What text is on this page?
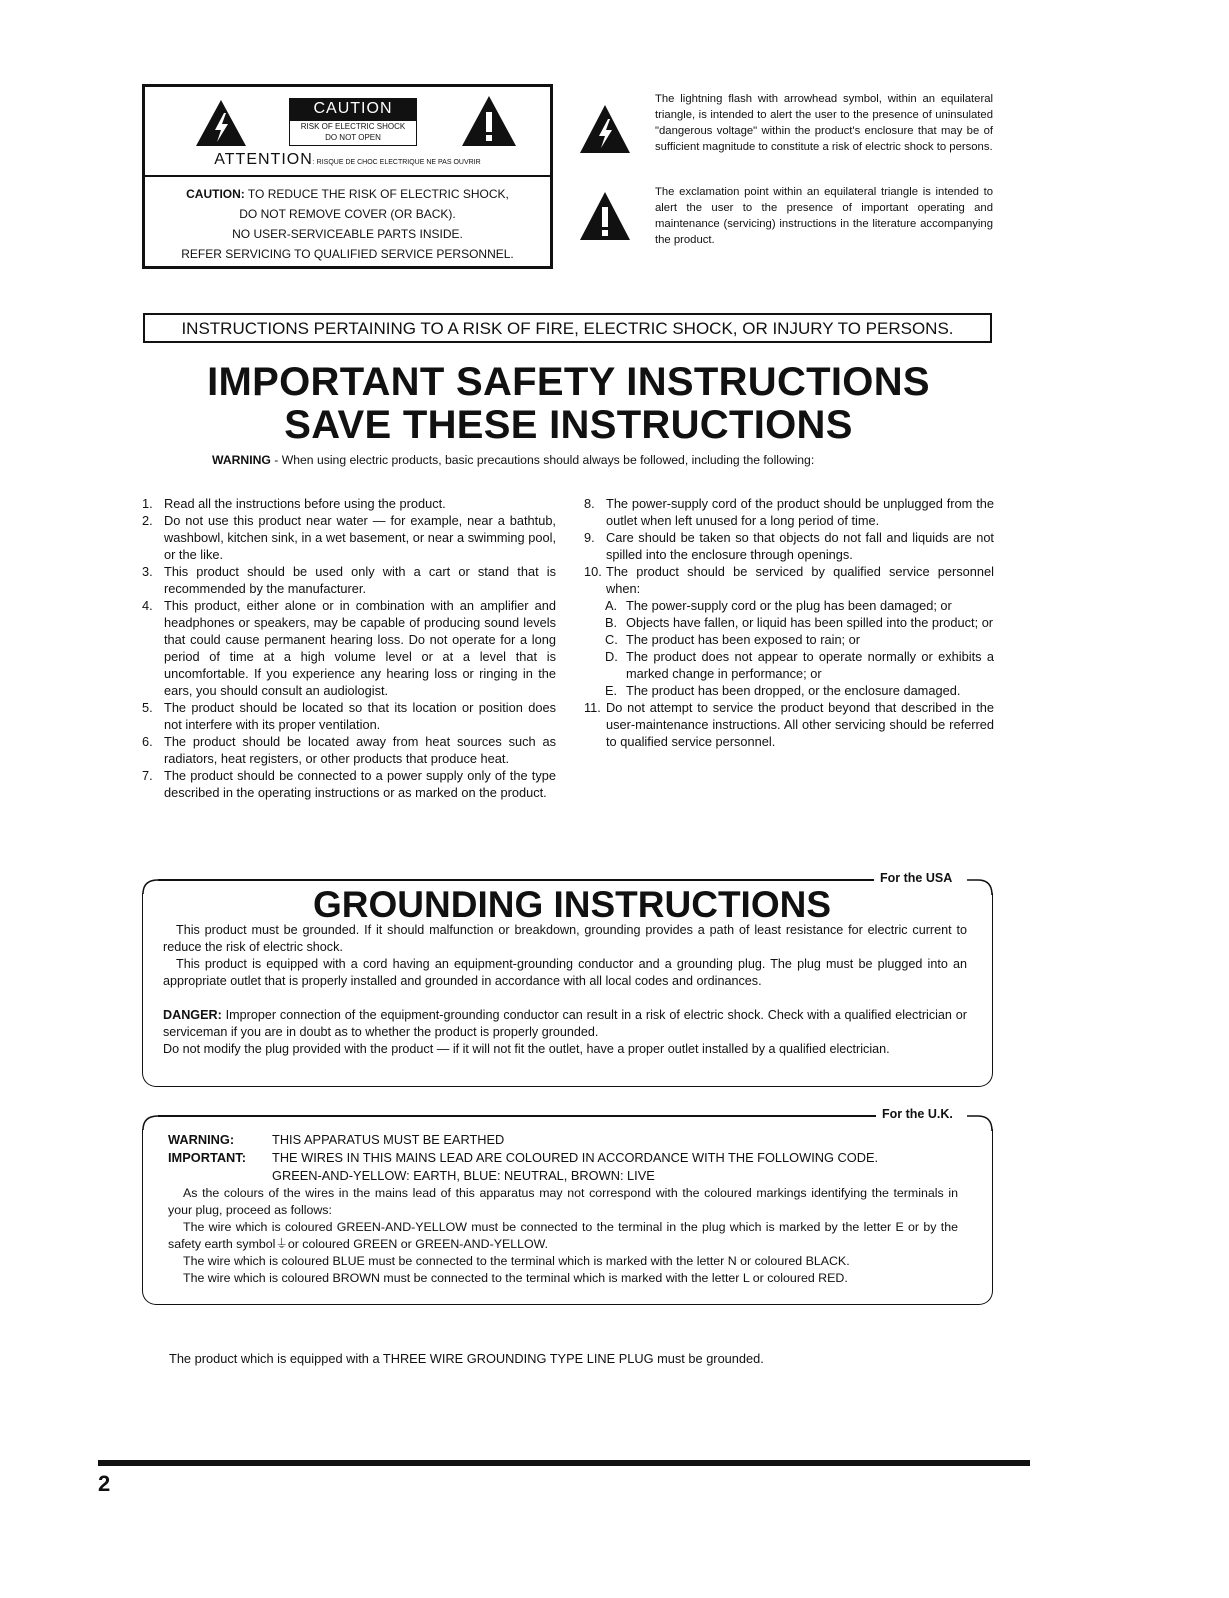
CAUTION
RISK OF ELECTRIC SHOCK
DO NOT OPEN
ATTENTION: RISQUE DE CHOC ELECTRIQUE NE PAS OUVRIR
CAUTION: TO REDUCE THE RISK OF ELECTRIC SHOCK,
DO NOT REMOVE COVER (OR BACK).
NO USER-SERVICEABLE PARTS INSIDE.
REFER SERVICING TO QUALIFIED SERVICE PERSONNEL.
The lightning flash with arrowhead symbol, within an equilateral triangle, is intended to alert the user to the presence of uninsulated "dangerous voltage" within the product's enclosure that may be of sufficient magnitude to constitute a risk of electric shock to persons.
The exclamation point within an equilateral triangle is intended to alert the user to the presence of important operating and maintenance (servicing) instructions in the literature accompanying the product.
INSTRUCTIONS PERTAINING TO A RISK OF FIRE, ELECTRIC SHOCK, OR INJURY TO PERSONS.
IMPORTANT SAFETY INSTRUCTIONS
SAVE THESE INSTRUCTIONS
WARNING - When using electric products, basic precautions should always be followed, including the following:
1. Read all the instructions before using the product.
2. Do not use this product near water — for example, near a bathtub, washbowl, kitchen sink, in a wet basement, or near a swimming pool, or the like.
3. This product should be used only with a cart or stand that is recommended by the manufacturer.
4. This product, either alone or in combination with an amplifier and headphones or speakers, may be capable of producing sound levels that could cause permanent hearing loss. Do not operate for a long period of time at a high volume level or at a level that is uncomfortable. If you experience any hearing loss or ringing in the ears, you should consult an audiologist.
5. The product should be located so that its location or position does not interfere with its proper ventilation.
6. The product should be located away from heat sources such as radiators, heat registers, or other products that produce heat.
7. The product should be connected to a power supply only of the type described in the operating instructions or as marked on the product.
8. The power-supply cord of the product should be unplugged from the outlet when left unused for a long period of time.
9. Care should be taken so that objects do not fall and liquids are not spilled into the enclosure through openings.
10. The product should be serviced by qualified service personnel when:
A. The power-supply cord or the plug has been damaged; or
B. Objects have fallen, or liquid has been spilled into the product; or
C. The product has been exposed to rain; or
D. The product does not appear to operate normally or exhibits a marked change in performance; or
E. The product has been dropped, or the enclosure damaged.
11. Do not attempt to service the product beyond that described in the user-maintenance instructions. All other servicing should be referred to qualified service personnel.
For the USA
GROUNDING INSTRUCTIONS
This product must be grounded. If it should malfunction or breakdown, grounding provides a path of least resistance for electric current to reduce the risk of electric shock.
This product is equipped with a cord having an equipment-grounding conductor and a grounding plug. The plug must be plugged into an appropriate outlet that is properly installed and grounded in accordance with all local codes and ordinances.
DANGER: Improper connection of the equipment-grounding conductor can result in a risk of electric shock. Check with a qualified electrician or serviceman if you are in doubt as to whether the product is properly grounded.
Do not modify the plug provided with the product — if it will not fit the outlet, have a proper outlet installed by a qualified electrician.
For the U.K.
WARNING:	THIS APPARATUS MUST BE EARTHED
IMPORTANT: THE WIRES IN THIS MAINS LEAD ARE COLOURED IN ACCORDANCE WITH THE FOLLOWING CODE.
GREEN-AND-YELLOW: EARTH, BLUE: NEUTRAL, BROWN: LIVE
As the colours of the wires in the mains lead of this apparatus may not correspond with the coloured markings identifying the terminals in your plug, proceed as follows:
The wire which is coloured GREEN-AND-YELLOW must be connected to the terminal in the plug which is marked by the letter E or by the safety earth symbol⏚or coloured GREEN or GREEN-AND-YELLOW.
The wire which is coloured BLUE must be connected to the terminal which is marked with the letter N or coloured BLACK.
The wire which is coloured BROWN must be connected to the terminal which is marked with the letter L or coloured RED.
The product which is equipped with a THREE WIRE GROUNDING TYPE LINE PLUG must be grounded.
2
